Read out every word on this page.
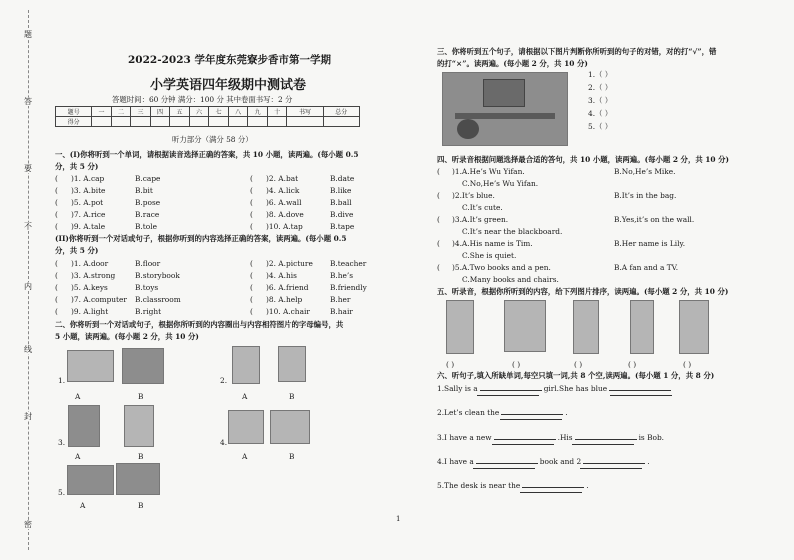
题
答
要
不
内
线
封
密
2022-2023 学年度东莞寮步香市第一学期
小学英语四年级期中测试卷
答题时间：60 分钟 满分：100 分 其中卷面书写：2 分
题号	一	二	三	四	五	六	七	八	九	十	书写	总分
得分												
听力部分（满分 58 分）
一、(I)你将听到一个单词，请根据读音选择正确的答案，共 10 小题，读两遍。(每小题 0.5
分，共 5 分)
( )1. A.cap	B.cape	( )2. A.bat	B.date
( )3. A.bite	B.bit	( )4. A.lick	B.like
( )5. A.pot	B.pose	( )6. A.wall	B.ball
( )7. A.rice	B.race	( )8. A.dove	B.dive
( )9. A.tale	B.tole	( )10. A.tap	B.tape
(II)你将听到一个对话或句子，根据你听到的内容选择正确的答案，读两遍。(每小题 0.5
分，共 5 分)
( )1. A.door	B.floor	( )2. A.picture B.teacher
( )3. A.strong	B.storybook	( )4. A.his	B.he’s
( )5. A.keys	B.toys	( )6. A.friend	B.friendly
( )7. A.computer B.classroom	( )8. A.help	B.her
( )9. A.light	B.right	( )10. A.chair	B.hair
二、你将听到一个对话或句子，根据你所听到的内容圈出与内容相符图片的字母编号，共
5 小题，读两遍。(每小题 2 分，共 10 分)
1.
A	B
2.
A	B
3.
A	B
4.
A	B
5.
A	B
三、你将听到五个句子，请根据以下图片判断你所听到的句子的对错，对的打“√”，错
的打“×”。读两遍。(每小题 2 分，共 10 分)
1.（ ）
2.（ ）
3.（ ）
4.（ ）
5.（ ）
四、听录音根据问题选择最合适的答句，共 10 小题，读两遍。(每小题 2 分，共 10 分)
( )1.A.He’s Wu Yifan.	B.No,He’s Mike.
C.No,He’s Wu Yifan.
( )2.It’s blue.	B.It’s in the bag.
C.It’s cute.
( )3.A.It’s green.	B.Yes,it’s on the wall.
C.It’s near the blackboard.
( )4.A.His name is Tim.	B.Her name is Lily.
C.She is quiet.
( )5.A.Two books and a pen.	B.A fan and a TV.
C.Many books and chairs.
五、听录音，根据你所听到的内容，给下列图片排序，读两遍。(每小题 2 分，共 10 分)
( )	( )	( )	( )	( )
六、听句子,填入所缺单词,每空只填一词,共 8 个空,读两遍。(每小题 1 分，共 8 分)
1.Sally is a	girl.She has blue
2.Let’s clean the	.
3.I have a new	.His	is Bob.
4.I have a	book and 2	.
5.The desk is near the	.
1
